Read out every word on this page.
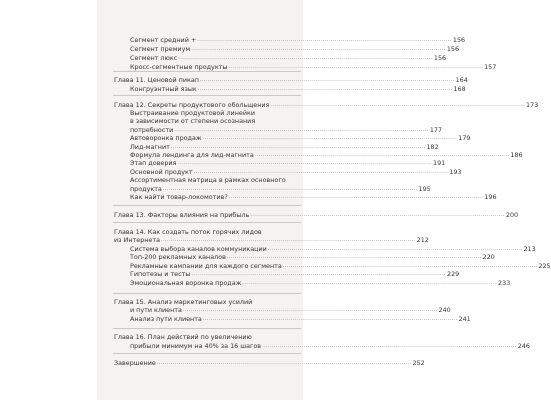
Сегмент средний + .....	156
Сегмент премиум .....	156
Сегмент люкс .....	156
Кросс-сегментные продукты .....	157
Глава 11. Ценовой пикап .....	164
Конгруэнтный язык .....	168
Глава 12. Секреты продуктового обольщения .....	173
Выстраивание продуктовой линейки
в зависимости от степени осознания
потребности .....	177
Автоворонка продаж .....	179
Лид-магнит .....	182
Формула лендинга для лид-магнита .....	186
Этап доверия .....	191
Основной продукт .....	193
Ассортиментная матрица в рамках основного
продукта .....	195
Как найти товар-локомотив? .....	196
Глава 13. Факторы влияния на прибыль .....	200
Глава 14. Как создать поток горячих лидов
из Интернета .....	212
Система выбора каналов коммуникации .....	213
Топ-200 рекламных каналов .....	220
Рекламные кампании для каждого сегмента .....	225
Гипотезы и тесты .....	229
Эмоциональная воронка продаж .....	233
Глава 15. Анализ маркетинговых усилий
и пути клиента .....	240
Анализ пути клиента .....	241
Глава 16. План действий по увеличению
прибыли минимум на 40% за 16 шагов .....	246
Завершение .....	252
